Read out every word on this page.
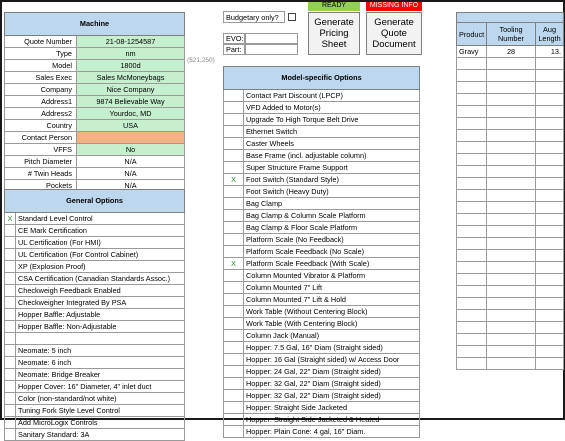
Machine	
Quote Number	21-08-1254587
Type	nm
Model	1800d
Sales Exec	Sales McMoneybags
Company	Nice Company
Address1	9874 Believable Way
Address2	Yourdoc, MD
Country	USA
Contact Person	
VFFS	No
Pitch Diameter	N/A
# Twin Heads	N/A
Pockets	N/A
($21,250)
General Options	
X	Standard Level Control
	CE Mark Certification
	UL Certification (For HMI)
	UL Certification (For Control Cabinet)
	XP (Explosion Proof)
	CSA Certification (Canadian Standards Assoc.)
	Checkweigh Feedback Enabled
	Checkweigher Integrated By PSA
	Hopper Baffle: Adjustable
	Hopper Baffle: Non-Adjustable

	Neomate: 5 inch
	Neomate: 6 inch
	Neomate: Bridge Breaker
	Hopper Cover: 16" Diameter, 4" inlet duct
	Color (non-standard/not white)
	Tuning Fork Style Level Control
	Add MicroLogix Controls
	Sanitary Standard: 3A
Budgetary only?
EVO:
Part:
READY	MISSING INFO
Generate Pricing Sheet
Generate Quote Document
Model-specific Options	
	Contact Part Discount (LPCP)
	VFD Added to Motor(s)
	Upgrade To High Torque Belt Drive
	Ethernet Switch
	Caster Wheels
	Base Frame (incl. adjustable column)
	Super Structure Frame Support
X	Foot Switch (Standard Style)
	Foot Switch (Heavy Duty)
	Bag Clamp
	Bag Clamp & Column Scale Platform
	Bag Clamp & Floor Scale Platform
	Platform Scale (No Feedback)
	Platform Scale Feedback (No Scale)
X	Platform Scale Feedback (With Scale)
	Column Mounted Vibrator & Platform
	Column Mounted 7" Lift
	Column Mounted 7" Lift & Hold
	Work Table (Without Centering Block)
	Work Table (With Centering Block)
	Column Jack (Manual)
	Hopper: 7.5 Gal, 16" Diam (Straight sided)
	Hopper: 16 Gal (Straight sided) w/ Access Door
	Hopper: 24 Gal, 22" Diam (Straight sided)
	Hopper: 32 Gal, 22" Diam (Straight sided)
	Hopper: 32 Gal, 22" Diam (Straight sided)
	Hopper: Straight Side Jacketed
	Hopper: Straight Side Jacketed & Heated
	Hopper: Plain Cone: 4 gal, 16" Diam.

Product	Tooling Number	Aug Length
Gravy	28	13.
